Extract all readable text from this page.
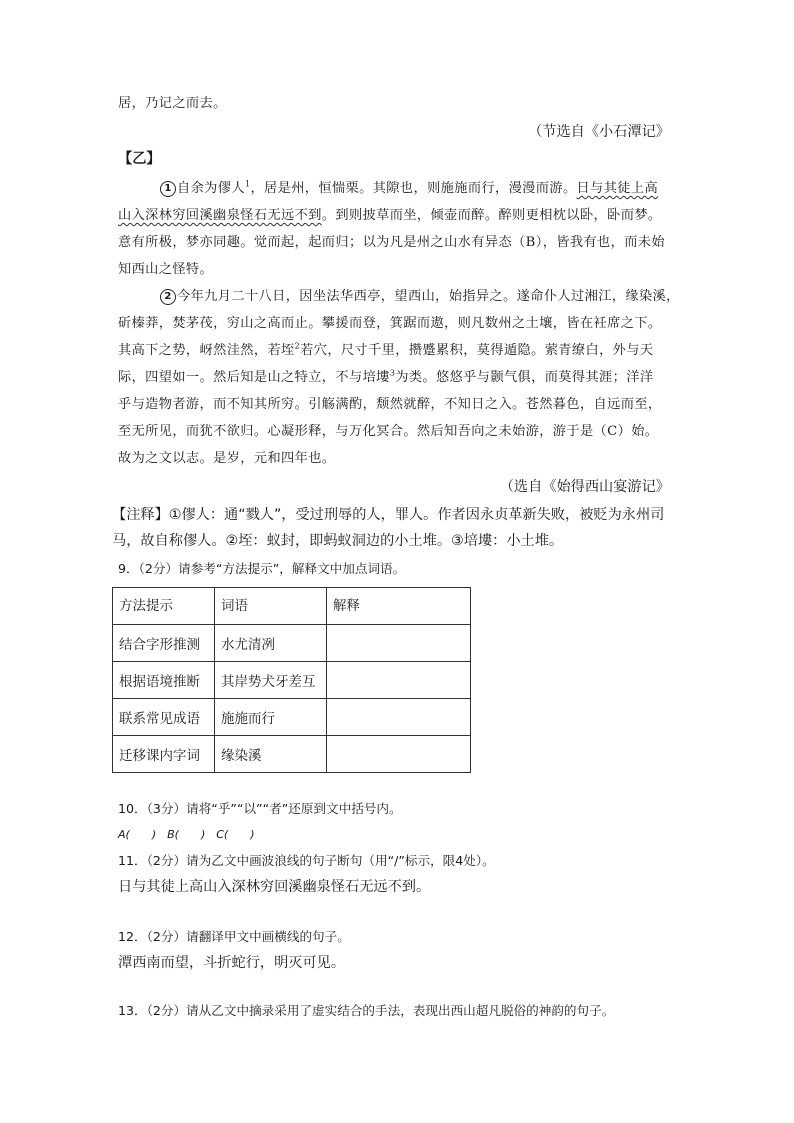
居，乃记之而去。
（节选自《小石潭记》
【乙】
1 自余为僇人$^1$，居是州，恒惴栗。其隙也，则施施而行，漫漫而游。日与其徒上高
山入深林穷回溪幽泉怪石无远不到。到则披草而坐，倾壶而醉。醉则更相枕以卧，卧而梦。
意有所极，梦亦同趣。觉而起，起而归；以为凡是州之山水有异态（B），皆我有也，而未始
知西山之怪特。
2 今年九月二十八日，因坐法华西亭，望西山，始指异之。遂命仆人过湘江，缘染溪，
斫榛莽，焚茅茷，穷山之高而止。攀援而登，箕踞而遨，则凡数州之土壤，皆在衽席之下。
其高下之势，岈然洼然，若垤$^2$若穴，尺寸千里，攒蹙累积，莫得遁隐。萦青缭白，外与天
际，四望如一。然后知是山之特立，不与培塿$^3$为类。悠悠乎与颢气俱，而莫得其涯；洋洋
乎与造物者游，而不知其所穷。引觞满酌，颓然就醉，不知日之入。苍然暮色，自远而至，
至无所见，而犹不欲归。心凝形释，与万化冥合。然后知吾向之未始游，游于是（C）始。
故为之文以志。是岁，元和四年也。
（选自《始得西山宴游记》
【注释】①僇人：通“戮人”，受过刑辱的人，罪人。作者因永贞革新失败，被贬为永州司
马，故自称僇人。②垤：蚁封，即蚂蚁洞边的小土堆。③培塿：小土堆。
9．（2分）请参考“方法提示”，解释文中加点词语。
方法提示	词语	解释
结合字形推测	水尤清冽	
根据语境推断	其岸势犬牙差互	
联系常见成语	施施而行	
迁移课内字词	缘染溪	
10．（3分）请将“乎”“以”“者”还原到文中括号内。
A(　　)　B(　　)　C(　　)
11．（2分）请为乙文中画波浪线的句子断句（用“/”标示，限4处）。
日与其徒上高山入深林穷回溪幽泉怪石无远不到。
12．（2分）请翻译甲文中画横线的句子。
潭西南而望，斗折蛇行，明灭可见。
13．（2分）请从乙文中摘录采用了虚实结合的手法，表现出西山超凡脱俗的神韵的句子。
